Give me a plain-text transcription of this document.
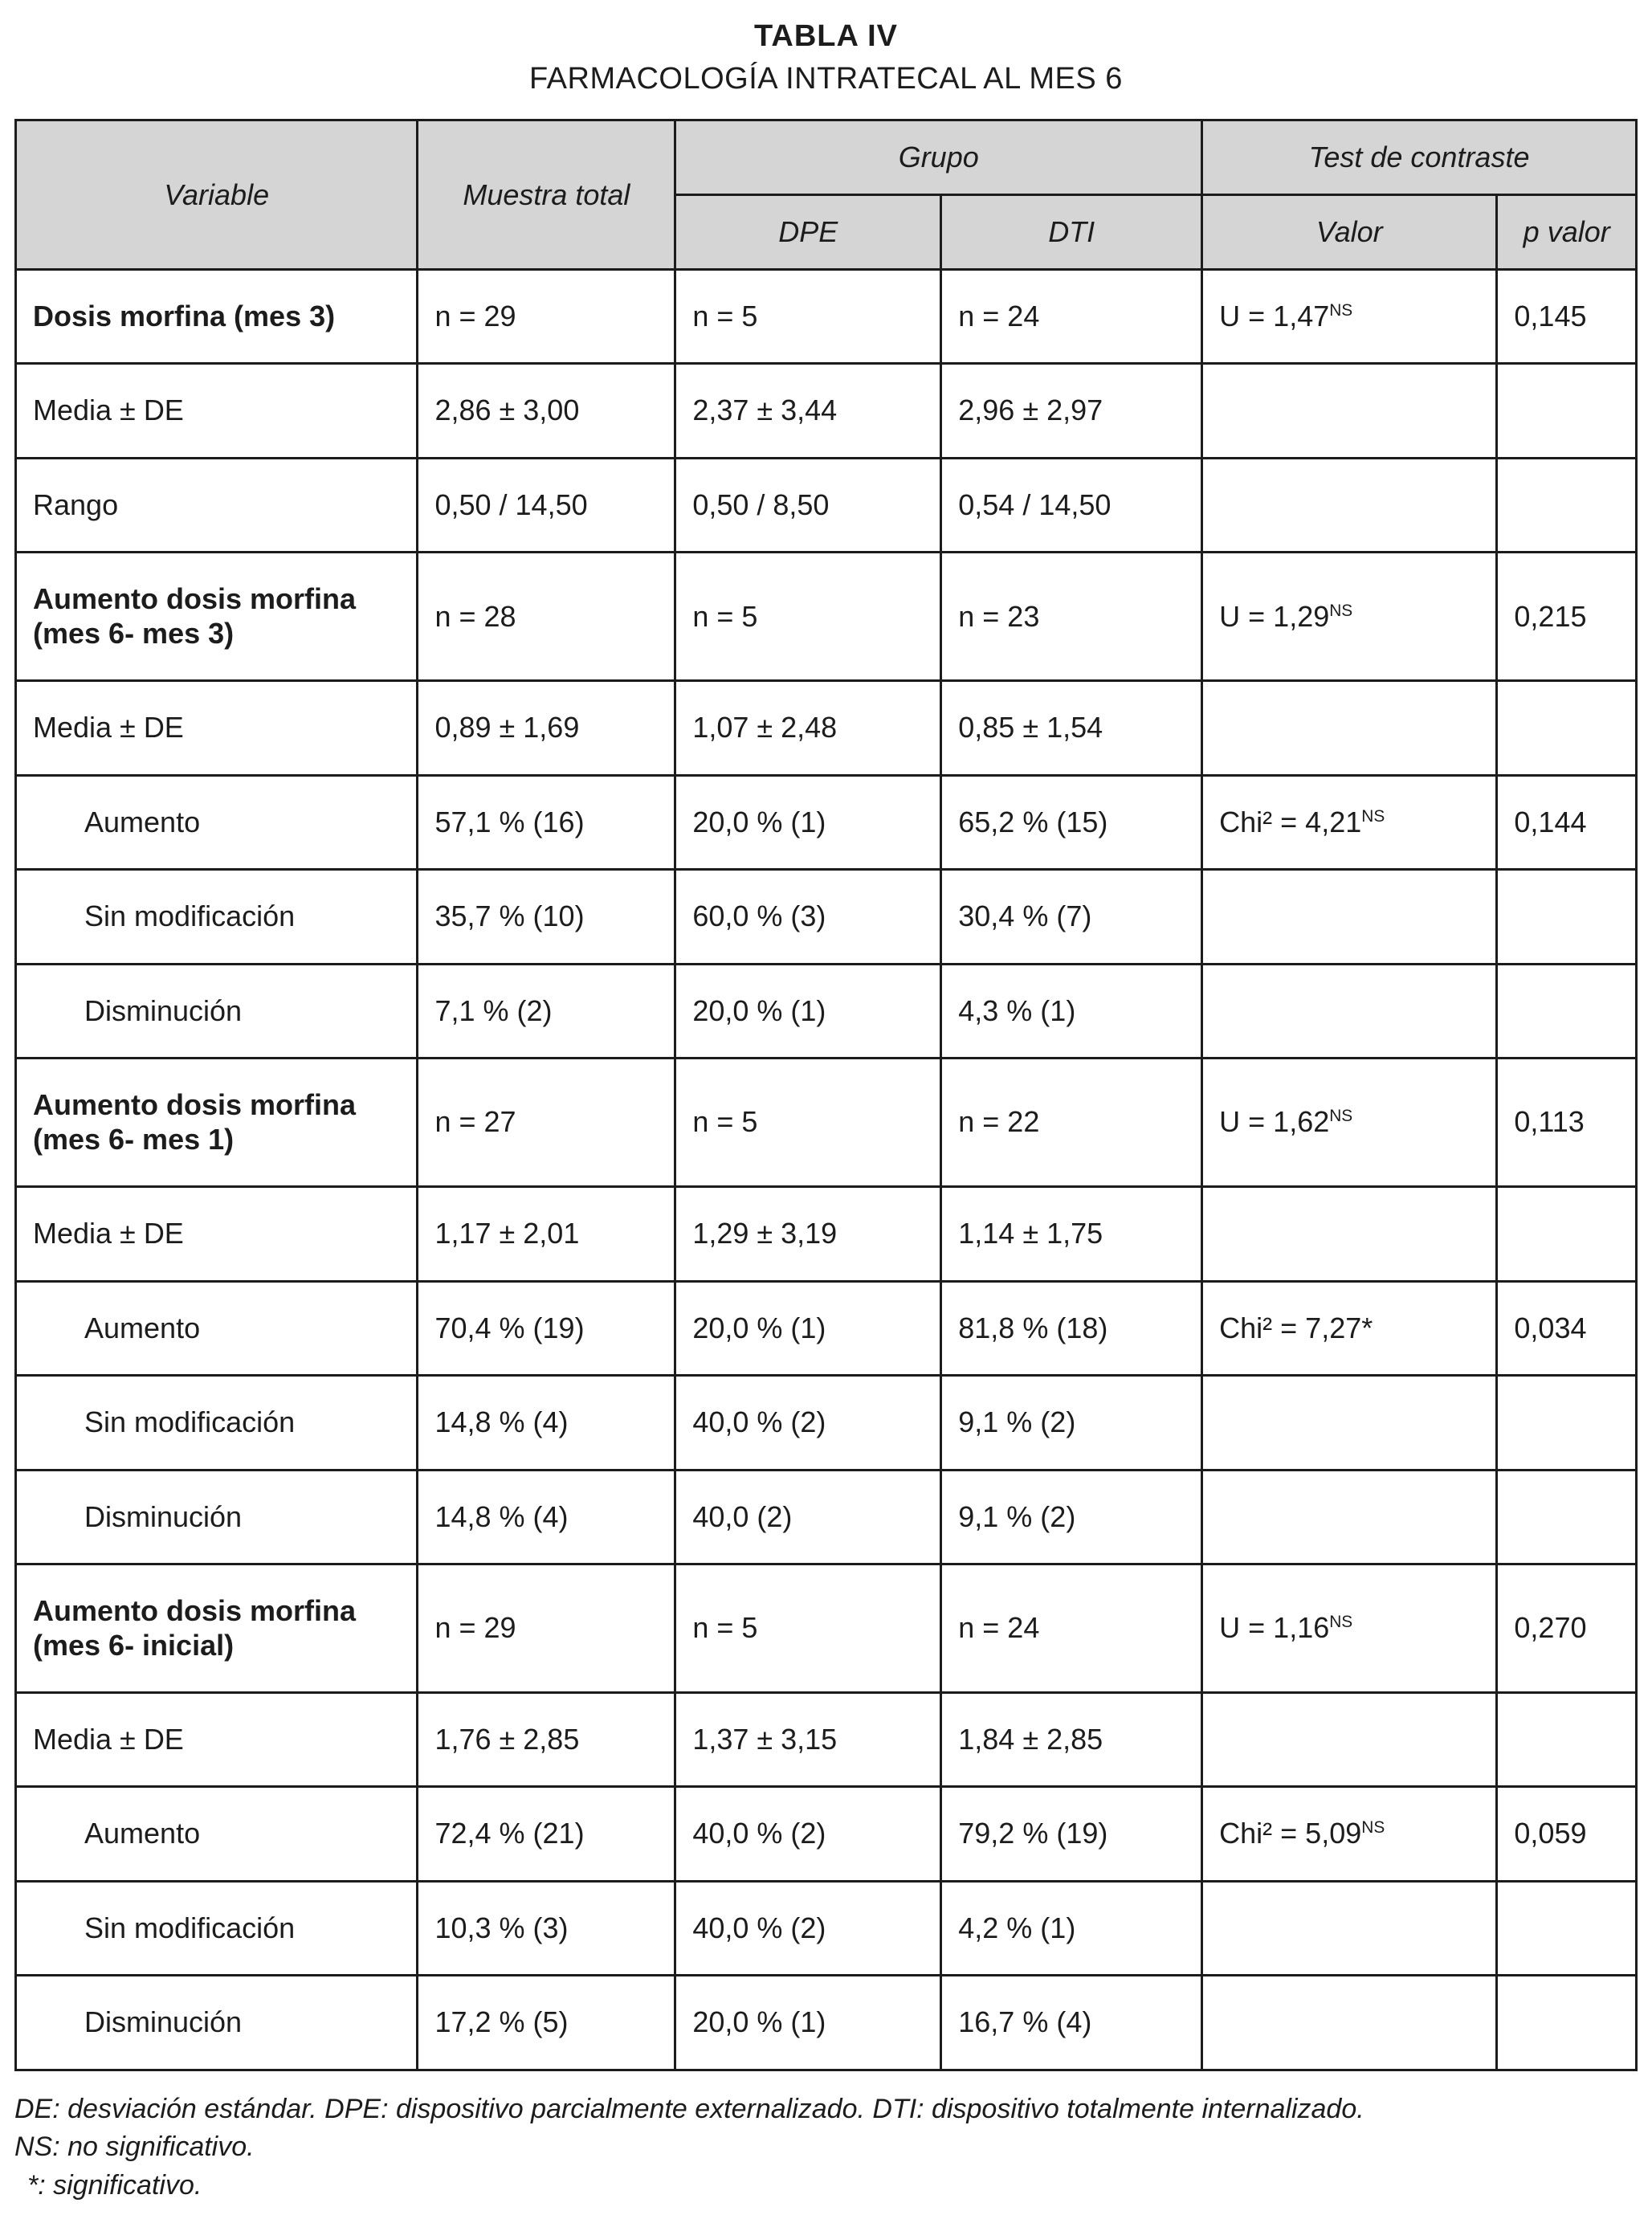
TABLA IV
FARMACOLOGÍA INTRATECAL AL MES 6
Variable	Muestra total	Grupo		Test de contraste	
		DPE	DTI	Valor	p valor
Dosis morfina (mes 3)	n = 29	n = 5	n = 24	$U = 1,47^{NS}$	0,145
Media ± DE	2,86 ± 3,00	2,37 ± 3,44	2,96 ± 2,97		
Rango	0,50 / 14,50	0,50 / 8,50	0,54 / 14,50		
Aumento dosis morfina (mes 6- mes 3)	n = 28	n = 5	n = 23	$U = 1,29^{NS}$	0,215
Media ± DE	0,89 ± 1,69	1,07 ± 2,48	0,85 ± 1,54		
Aumento	57,1 % (16)	20,0 % (1)	65,2 % (15)	$Chi^2 = 4,21^{NS}$	0,144
Sin modificación	35,7 % (10)	60,0 % (3)	30,4 % (7)		
Disminución	7,1 % (2)	20,0 % (1)	4,3 % (1)		
Aumento dosis morfina (mes 6- mes 1)	n = 27	n = 5	n = 22	$U = 1,62^{NS}$	0,113
Media ± DE	1,17 ± 2,01	1,29 ± 3,19	1,14 ± 1,75		
Aumento	70,4 % (19)	20,0 % (1)	81,8 % (18)	Chi² = 7,27*	0,034
Sin modificación	14,8 % (4)	40,0 % (2)	9,1 % (2)		
Disminución	14,8 % (4)	40,0 (2)	9,1 % (2)		
Aumento dosis morfina (mes 6- inicial)	n = 29	n = 5	n = 24	$U = 1,16^{NS}$	0,270
Media ± DE	1,76 ± 2,85	1,37 ± 3,15	1,84 ± 2,85		
Aumento	72,4 % (21)	40,0 % (2)	79,2 % (19)	$Chi^2 = 5,09^{NS}$	0,059
Sin modificación	10,3 % (3)	40,0 % (2)	4,2 % (1)		
Disminución	17,2 % (5)	20,0 % (1)	16,7 % (4)		
DE: desviación estándar. DPE: dispositivo parcialmente externalizado. DTI: dispositivo totalmente internalizado.
NS: no significativo.
*: significativo.
